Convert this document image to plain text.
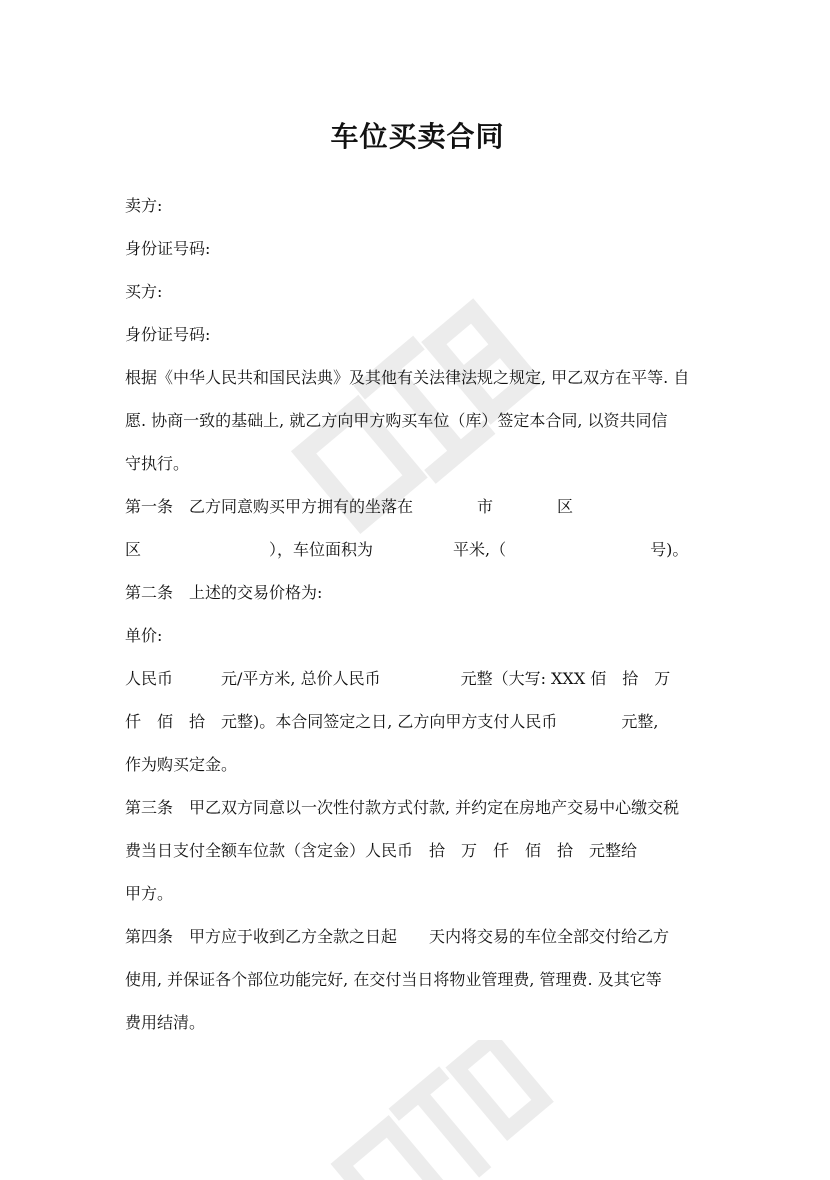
车位买卖合同

卖方:

身份证号码:

买方:

身份证号码:

根据《中华人民共和国民法典》及其他有关法律法规之规定, 甲乙双方在平等. 自

愿. 协商一致的基础上, 就乙方向甲方购买车位（库）签定本合同, 以资共同信

守执行。

第一条　乙方同意购买甲方拥有的坐落在　　　　市　　　　区

区　　　　　　　　），车位面积为　　　　　平米,（　　　　　　　　　号)。

第二条　上述的交易价格为:

单价:

人民币　　　元/平方米, 总价人民币　　　　　元整（大写: XXX 佰　拾　万

仟　佰　拾　元整)。本合同签定之日, 乙方向甲方支付人民币　　　　元整,

作为购买定金。

第三条　甲乙双方同意以一次性付款方式付款, 并约定在房地产交易中心缴交税

费当日支付全额车位款（含定金）人民币　拾　万　仟　佰　拾　元整给

甲方。

第四条　甲方应于收到乙方全款之日起　　天内将交易的车位全部交付给乙方

使用, 并保证各个部位功能完好, 在交付当日将物业管理费, 管理费. 及其它等

费用结清。
